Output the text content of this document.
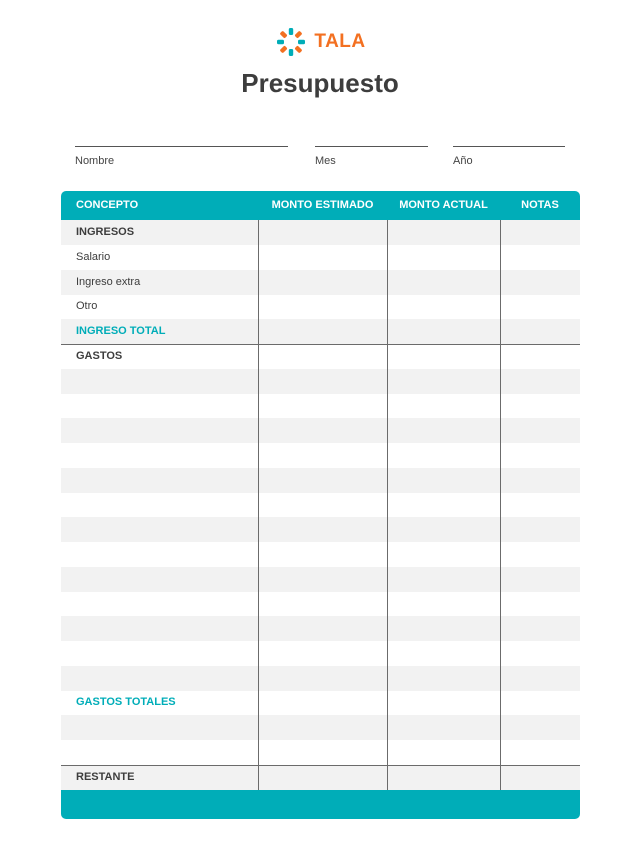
TALA
Presupuesto
Nombre	Mes	Año
CONCEPTO	MONTO ESTIMADO	MONTO ACTUAL	NOTAS
INGRESOS
Salario
Ingreso extra
Otro
INGRESO TOTAL
GASTOS
GASTOS TOTALES
RESTANTE
